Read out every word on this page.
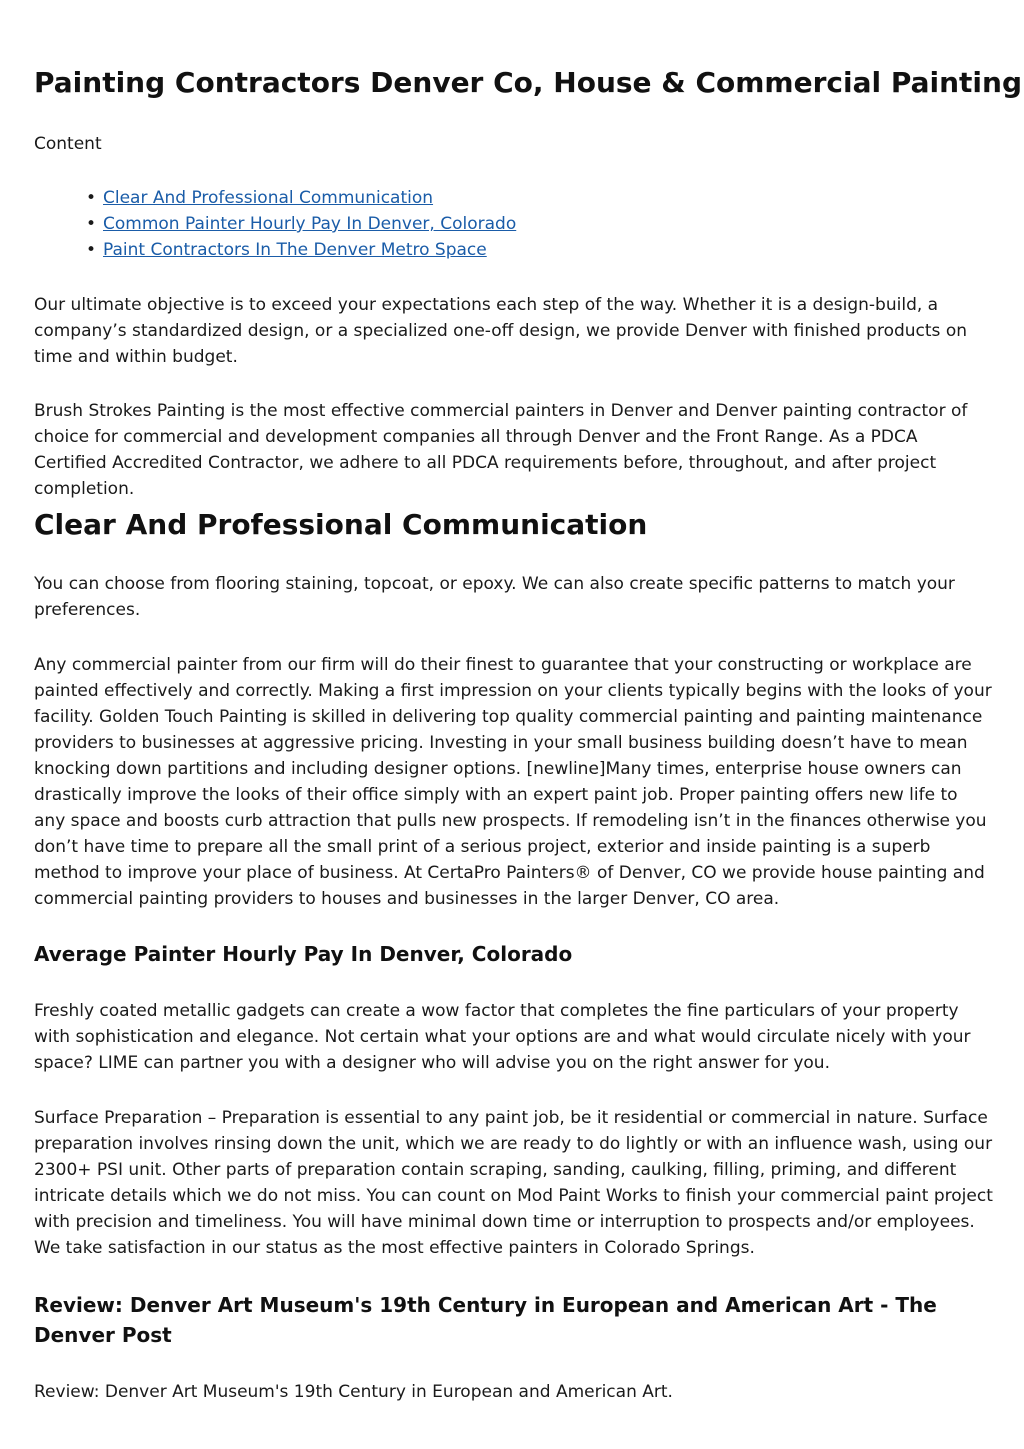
Painting Contractors Denver Co, House & Commercial Painting
Content
• Clear And Professional Communication
• Common Painter Hourly Pay In Denver, Colorado
• Paint Contractors In The Denver Metro Space

Our ultimate objective is to exceed your expectations each step of the way. Whether it is a design-build, a company’s standardized design, or a specialized one-off design, we provide Denver with finished products on time and within budget.

Brush Strokes Painting is the most effective commercial painters in Denver and Denver painting contractor of choice for commercial and development companies all through Denver and the Front Range. As a PDCA Certified Accredited Contractor, we adhere to all PDCA requirements before, throughout, and after project completion.

Clear And Professional Communication

You can choose from flooring staining, topcoat, or epoxy. We can also create specific patterns to match your preferences.

Any commercial painter from our firm will do their finest to guarantee that your constructing or workplace are painted effectively and correctly. Making a first impression on your clients typically begins with the looks of your facility. Golden Touch Painting is skilled in delivering top quality commercial painting and painting maintenance providers to businesses at aggressive pricing. Investing in your small business building doesn’t have to mean knocking down partitions and including designer options. [newline]Many times, enterprise house owners can drastically improve the looks of their office simply with an expert paint job. Proper painting offers new life to any space and boosts curb attraction that pulls new prospects. If remodeling isn’t in the finances otherwise you don’t have time to prepare all the small print of a serious project, exterior and inside painting is a superb method to improve your place of business. At CertaPro Painters® of Denver, CO we provide house painting and commercial painting providers to houses and businesses in the larger Denver, CO area.

Average Painter Hourly Pay In Denver, Colorado

Freshly coated metallic gadgets can create a wow factor that completes the fine particulars of your property with sophistication and elegance. Not certain what your options are and what would circulate nicely with your space? LIME can partner you with a designer who will advise you on the right answer for you.

Surface Preparation – Preparation is essential to any paint job, be it residential or commercial in nature. Surface preparation involves rinsing down the unit, which we are ready to do lightly or with an influence wash, using our 2300+ PSI unit. Other parts of preparation contain scraping, sanding, caulking, filling, priming, and different intricate details which we do not miss. You can count on Mod Paint Works to finish your commercial paint project with precision and timeliness. You will have minimal down time or interruption to prospects and/or employees. We take satisfaction in our status as the most effective painters in Colorado Springs.

Review: Denver Art Museum's 19th Century in European and American Art - The Denver Post

Review: Denver Art Museum's 19th Century in European and American Art.
